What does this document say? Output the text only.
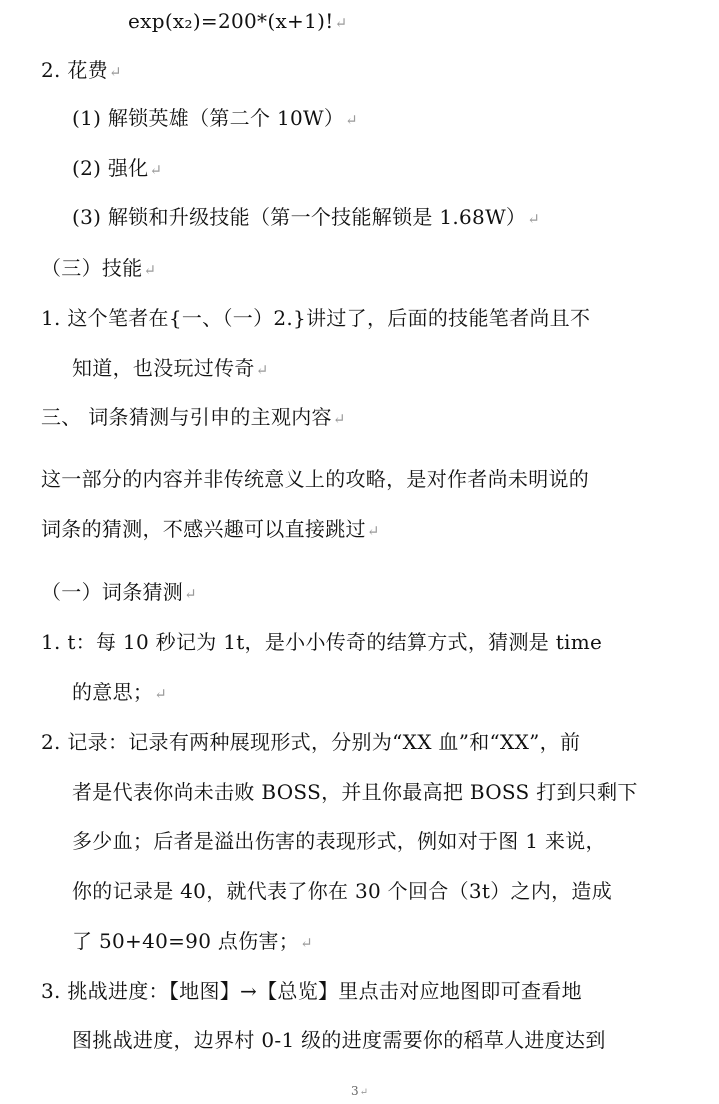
exp(x₂)=200*(x+1)!↵
2. 花费↵
(1) 解锁英雄（第二个 10W）↵
(2) 强化↵
(3) 解锁和升级技能（第一个技能解锁是 1.68W）↵
（三）技能↵
1. 这个笔者在{一、（一）2.}讲过了，后面的技能笔者尚且不
知道，也没玩过传奇↵
三、 词条猜测与引申的主观内容↵
这一部分的内容并非传统意义上的攻略，是对作者尚未明说的
词条的猜测，不感兴趣可以直接跳过↵
（一）词条猜测↵
1. t：每 10 秒记为 1t，是小小传奇的结算方式，猜测是 time
的意思；↵
2. 记录：记录有两种展现形式，分别为“XX 血”和“XX”，前
者是代表你尚未击败 BOSS，并且你最高把 BOSS 打到只剩下
多少血；后者是溢出伤害的表现形式，例如对于图 1 来说，
你的记录是 40，就代表了你在 30 个回合（3t）之内，造成
了 50+40=90 点伤害；↵
3. 挑战进度：【地图】→【总览】里点击对应地图即可查看地
图挑战进度，边界村 0-1 级的进度需要你的稻草人进度达到
3↵
